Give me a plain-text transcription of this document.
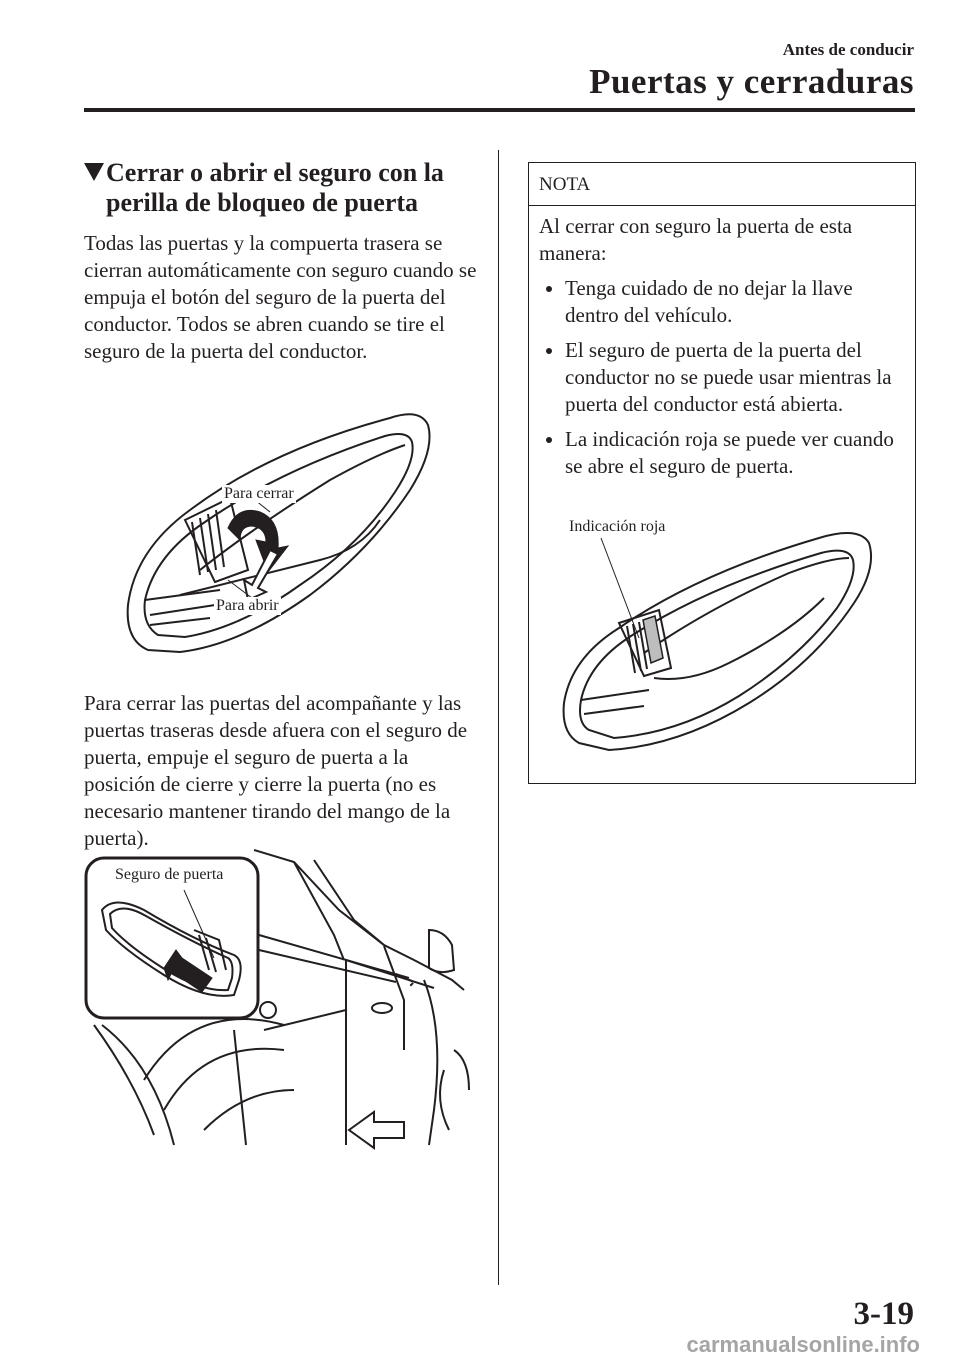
Antes de conducir
Puertas y cerraduras
Cerrar o abrir el seguro con la
perilla de bloqueo de puerta
Todas las puertas y la compuerta trasera se cierran automáticamente con seguro cuando se empuja el botón del seguro de la puerta del conductor. Todos se abren cuando se tire el seguro de la puerta del conductor.
Para cerrar
Para abrir
Para cerrar las puertas del acompañante y las puertas traseras desde afuera con el seguro de puerta, empuje el seguro de puerta a la posición de cierre y cierre la puerta (no es necesario mantener tirando del mango de la puerta).
Seguro de puerta
NOTA
Al cerrar con seguro la puerta de esta manera:
Tenga cuidado de no dejar la llave dentro del vehículo.
El seguro de puerta de la puerta del conductor no se puede usar mientras la puerta del conductor está abierta.
La indicación roja se puede ver cuando se abre el seguro de puerta.
Indicación roja
3-19
carmanualsonline.info
